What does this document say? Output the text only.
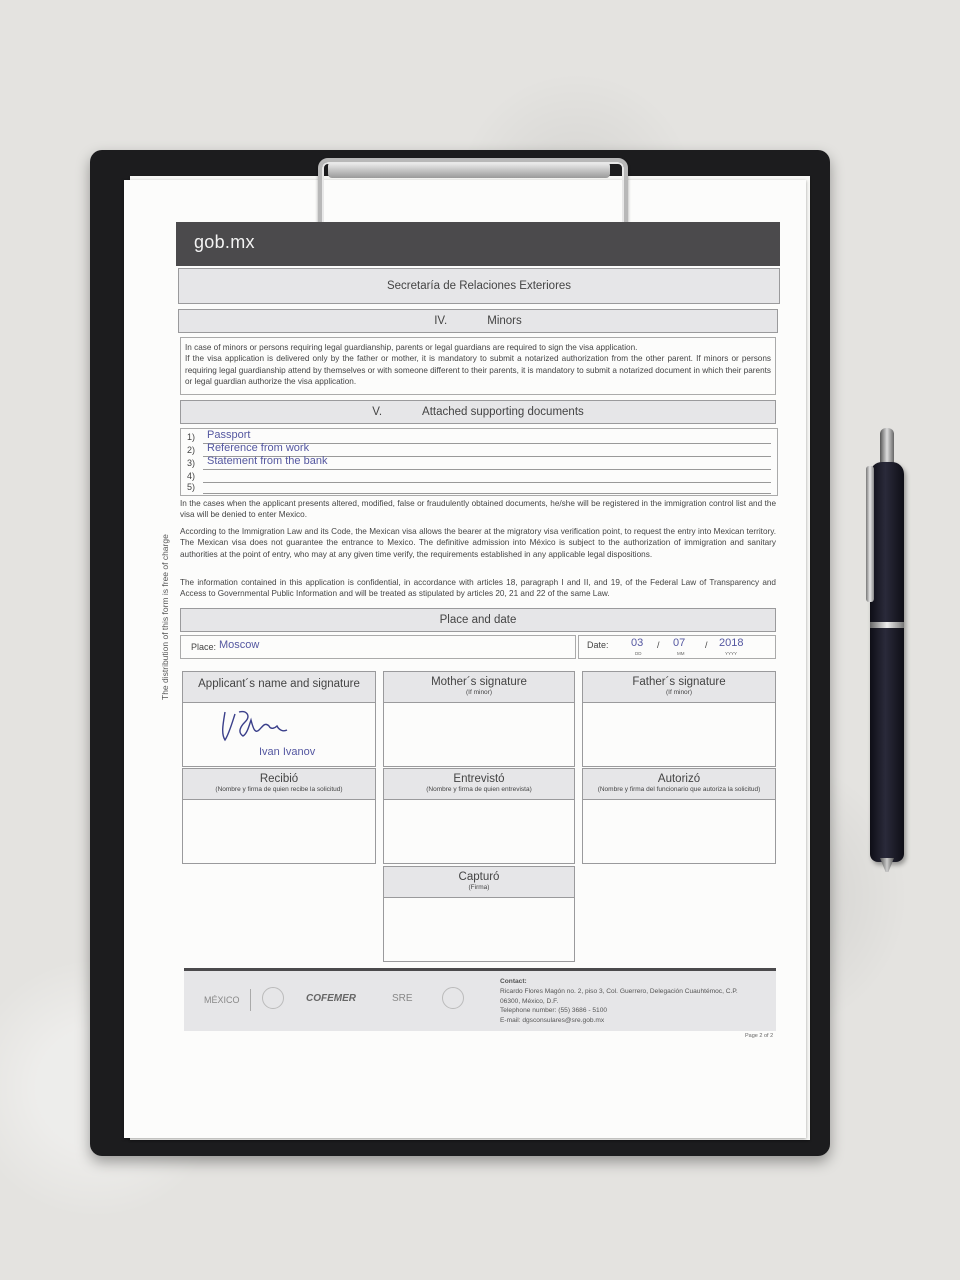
gob.mx
Secretaría de Relaciones Exteriores
IV.	Minors
In case of minors or persons requiring legal guardianship, parents or legal guardians are required to sign the visa application.
If the visa application is delivered only by the father or mother, it is mandatory to submit a notarized authorization from the other parent. If minors or persons requiring legal guardianship attend by themselves or with someone different to their parents, it is mandatory to submit a notarized document in which their parents or legal guardian authorize the visa application.
V.	Attached supporting documents
1) Passport
2) Reference from work
3) Statement from the bank
4)
5)
In the cases when the applicant presents altered, modified, false or fraudulently obtained documents, he/she will be registered in the immigration control list and the visa will be denied to enter Mexico.
According to the Immigration Law and its Code, the Mexican visa allows the bearer at the migratory visa verification point, to request the entry into Mexican territory. The Mexican visa does not guarantee the entrance to Mexico. The definitive admission into México is subject to the authorization of immigration and sanitary authorities at the point of entry, who may at any given time verify, the requirements established in any applicable legal dispositions.
The information contained in this application is confidential, in accordance with articles 18, paragraph I and II, and 19, of the Federal Law of Transparency and Access to Governmental Public Information and will be treated as stipulated by articles 20, 21 and 22 of the same Law.
Place and date
Place: Moscow	Date: 03
DD
/ 07
MM
/ 2018
YYYY
Applicant´s name and signature
Ivan Ivanov
Mother´s signature
(If minor)
Father´s signature
(If minor)
Recibió
(Nombre y firma de quien recibe la solicitud)
Entrevistó
(Nombre y firma de quien entrevista)
Autorizó
(Nombre y firma del funcionario que autoriza la solicitud)
Capturó
(Firma)
MÉXICO	COFEMER	SRE
Contact:
Ricardo Flores Magón no. 2, piso 3, Col. Guerrero, Delegación Cuauhtémoc, C.P.
06300, México, D.F.
Telephone number: (55) 3686 - 5100
E-mail: dgsconsulares@sre.gob.mx
Page 2 of 2
The distribution of this form is free of charge
